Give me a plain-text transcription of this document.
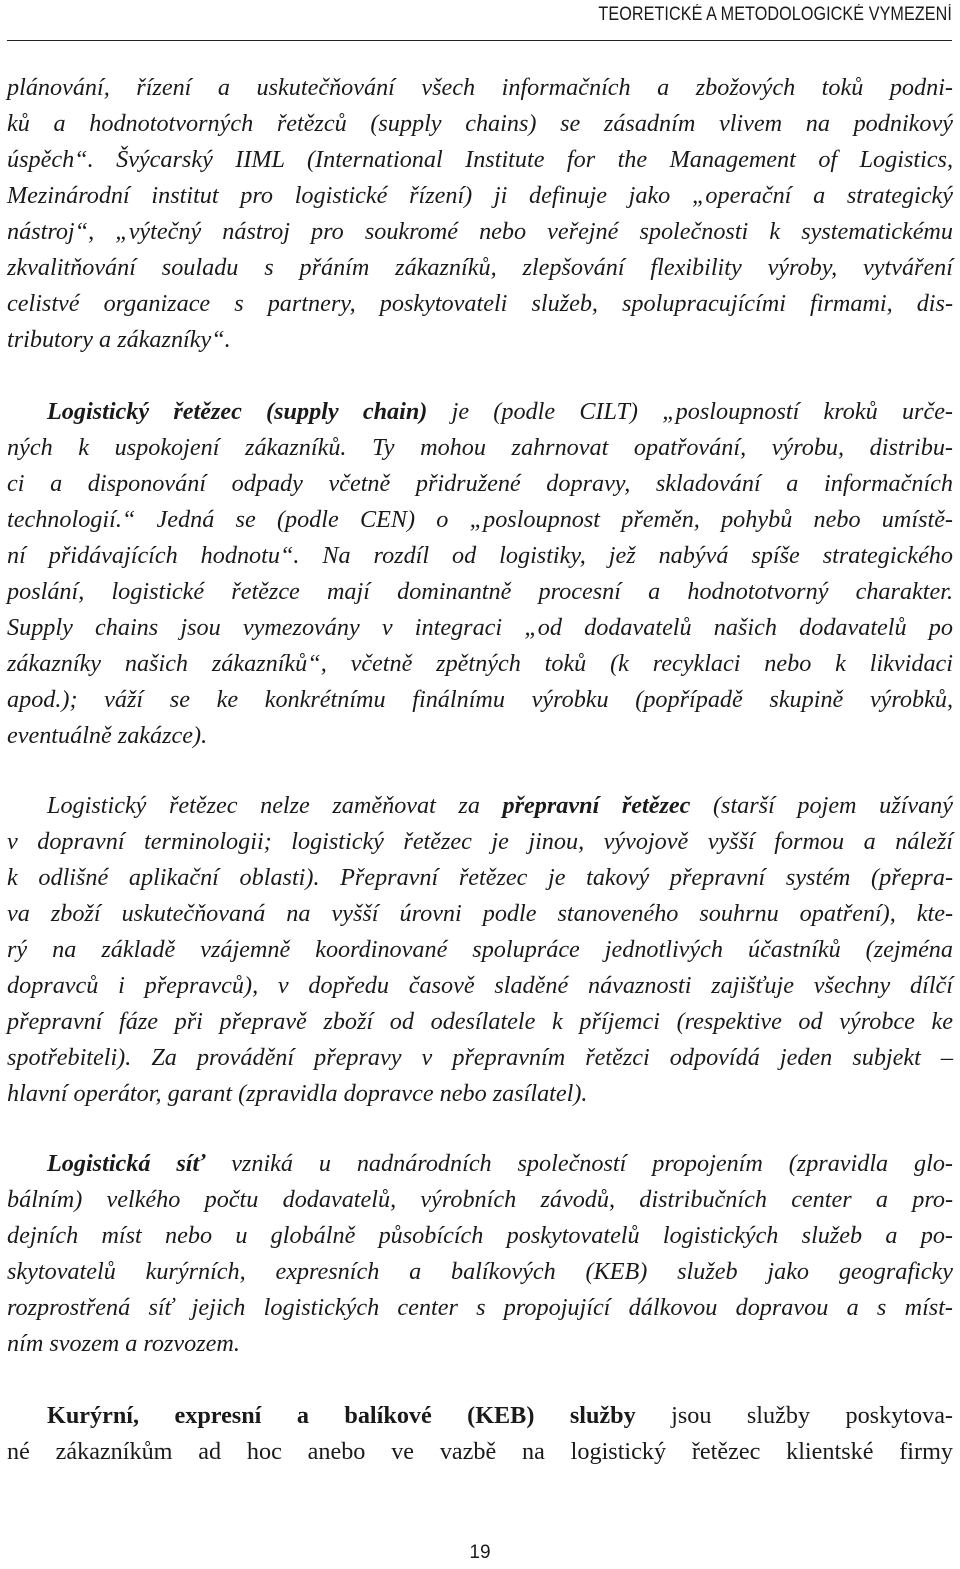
TEORETICKÉ A METODOLOGICKÉ VYMEZENÍ
plánování, řízení a uskutečňování všech informačních a zbožových toků podni-
ků a hodnototvorných řetězců (supply chains) se zásadním vlivem na podnikový
úspěch“. Švýcarský IIML (International Institute for the Management of Logistics,
Mezinárodní institut pro logistické řízení) ji definuje jako „operační a strategický
nástroj“, „výtečný nástroj pro soukromé nebo veřejné společnosti k systematickému
zkvalitňování souladu s přáním zákazníků, zlepšování flexibility výroby, vytváření
celistvé organizace s partnery, poskytovateli služeb, spolupracujícími firmami, dis-
tributory a zákazníky“.
Logistický řetězec (supply chain) je (podle CILT) „posloupností kroků urče-
ných k uspokojení zákazníků. Ty mohou zahrnovat opatřování, výrobu, distribu-
ci a disponování odpady včetně přidružené dopravy, skladování a informačních
technologií.“ Jedná se (podle CEN) o „posloupnost přeměn, pohybů nebo umístě-
ní přidávajících hodnotu“. Na rozdíl od logistiky, jež nabývá spíše strategického
poslání, logistické řetězce mají dominantně procesní a hodnototvorný charakter.
Supply chains jsou vymezovány v integraci „od dodavatelů našich dodavatelů po
zákazníky našich zákazníků“, včetně zpětných toků (k recyklaci nebo k likvidaci
apod.); váží se ke konkrétnímu finálnímu výrobku (popřípadě skupině výrobků,
eventuálně zakázce).
Logistický řetězec nelze zaměňovat za přepravní řetězec (starší pojem užívaný
v dopravní terminologii; logistický řetězec je jinou, vývojově vyšší formou a náleží
k odlišné aplikační oblasti). Přepravní řetězec je takový přepravní systém (přepra-
va zboží uskutečňovaná na vyšší úrovni podle stanoveného souhrnu opatření), kte-
rý na základě vzájemně koordinované spolupráce jednotlivých účastníků (zejména
dopravců i přepravců), v dopředu časově sladěné návaznosti zajišťuje všechny dílčí
přepravní fáze při přepravě zboží od odesílatele k příjemci (respektive od výrobce ke
spotřebiteli). Za provádění přepravy v přepravním řetězci odpovídá jeden subjekt –
hlavní operátor, garant (zpravidla dopravce nebo zasílatel).
Logistická síť vzniká u nadnárodních společností propojením (zpravidla glo-
bálním) velkého počtu dodavatelů, výrobních závodů, distribučních center a pro-
dejních míst nebo u globálně působících poskytovatelů logistických služeb a po-
skytovatelů kurýrních, expresních a balíkových (KEB) služeb jako geograficky
rozprostřená síť jejich logistických center s propojující dálkovou dopravou a s míst-
ním svozem a rozvozem.
Kurýrní, expresní a balíkové (KEB) služby jsou služby poskytova-
né zákazníkům ad hoc anebo ve vazbě na logistický řetězec klientské firmy
19
